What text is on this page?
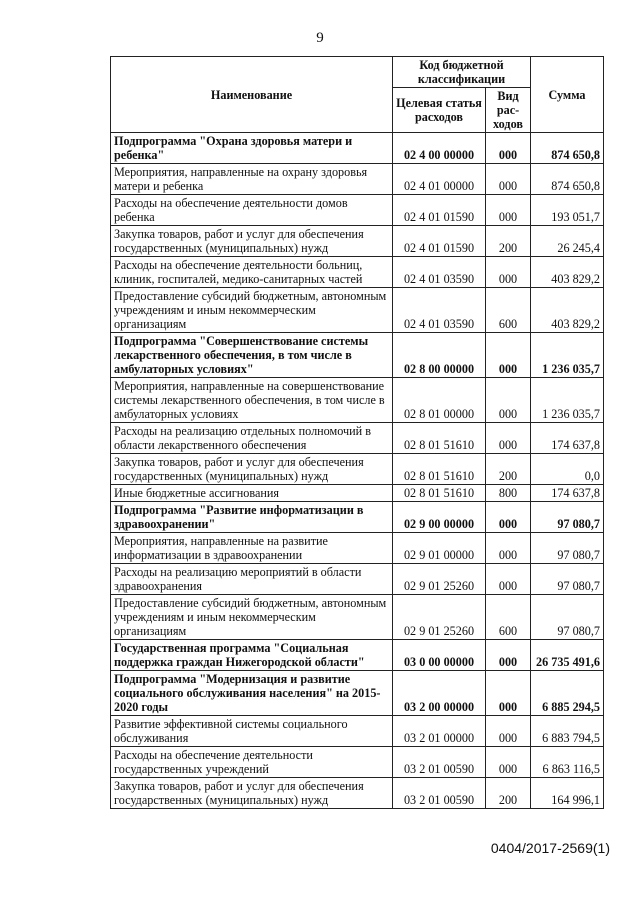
9
Наименование	Код бюджетной классификации		Сумма
	Целевая статья расходов	Вид рас-ходов	
Подпрограмма "Охрана здоровья матери и ребенка"	02 4 00 00000	000	874 650,8
Мероприятия, направленные на охрану здоровья матери и ребенка	02 4 01 00000	000	874 650,8
Расходы на обеспечение деятельности домов ребенка	02 4 01 01590	000	193 051,7
Закупка товаров, работ и услуг для обеспечения государственных (муниципальных) нужд	02 4 01 01590	200	26 245,4
Расходы на обеспечение деятельности больниц, клиник, госпиталей, медико-санитарных частей	02 4 01 03590	000	403 829,2
Предоставление субсидий бюджетным, автономным учреждениям и иным некоммерческим организациям	02 4 01 03590	600	403 829,2
Подпрограмма "Совершенствование системы лекарственного обеспечения, в том числе в амбулаторных условиях"	02 8 00 00000	000	1 236 035,7
Мероприятия, направленные на совершенствование системы лекарственного обеспечения, в том числе в амбулаторных условиях	02 8 01 00000	000	1 236 035,7
Расходы на реализацию отдельных полномочий в области лекарственного обеспечения	02 8 01 51610	000	174 637,8
Закупка товаров, работ и услуг для обеспечения государственных (муниципальных) нужд	02 8 01 51610	200	0,0
Иные бюджетные ассигнования	02 8 01 51610	800	174 637,8
Подпрограмма "Развитие информатизации в здравоохранении"	02 9 00 00000	000	97 080,7
Мероприятия, направленные на развитие информатизации в здравоохранении	02 9 01 00000	000	97 080,7
Расходы на реализацию мероприятий в области здравоохранения	02 9 01 25260	000	97 080,7
Предоставление субсидий бюджетным, автономным учреждениям и иным некоммерческим организациям	02 9 01 25260	600	97 080,7
Государственная программа "Социальная поддержка граждан Нижегородской области"	03 0 00 00000	000	26 735 491,6
Подпрограмма "Модернизация и развитие социального обслуживания населения" на 2015-2020 годы	03 2 00 00000	000	6 885 294,5
Развитие эффективной системы социального обслуживания	03 2 01 00000	000	6 883 794,5
Расходы на обеспечение деятельности государственных учреждений	03 2 01 00590	000	6 863 116,5
Закупка товаров, работ и услуг для обеспечения государственных (муниципальных) нужд	03 2 01 00590	200	164 996,1
0404/2017-2569(1)
